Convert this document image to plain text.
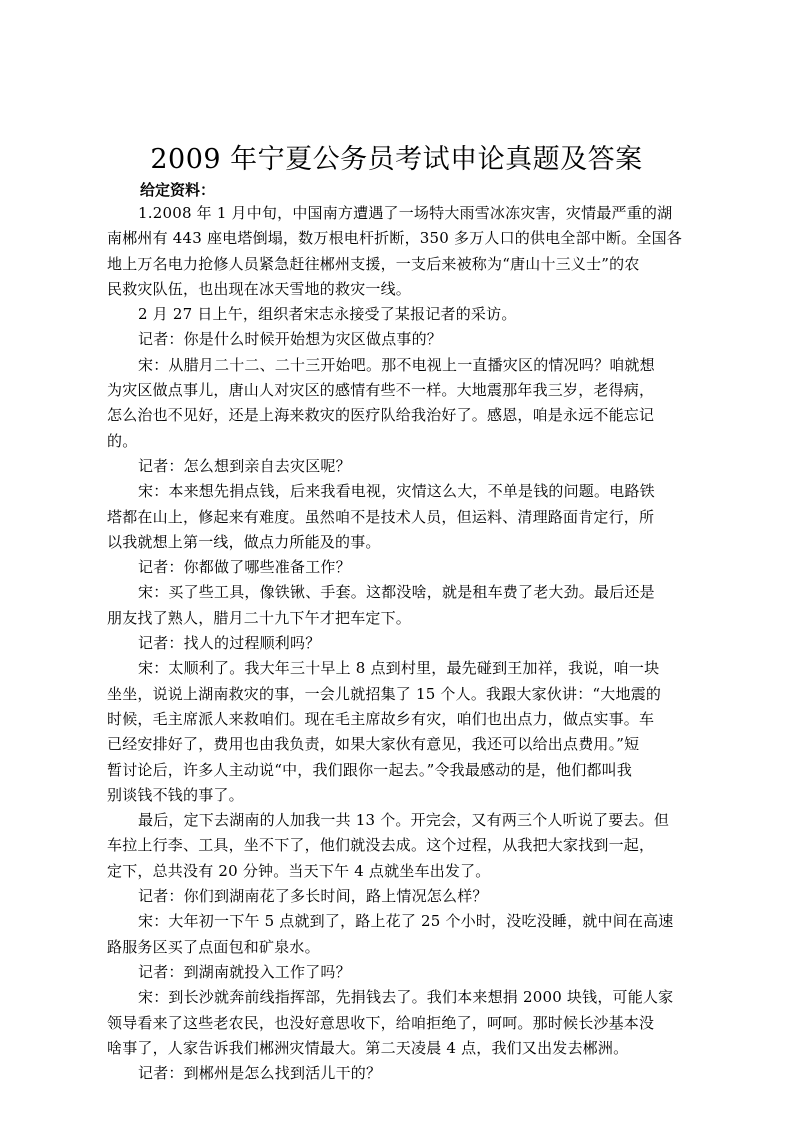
2009 年宁夏公务员考试申论真题及答案

给定资料：

1.2008 年 1 月中旬，中国南方遭遇了一场特大雨雪冰冻灾害，灾情最严重的湖
南郴州有 443 座电塔倒塌，数万根电杆折断，350 多万人口的供电全部中断。全国各
地上万名电力抢修人员紧急赶往郴州支援，一支后来被称为“唐山十三义士”的农
民救灾队伍，也出现在冰天雪地的救灾一线。

2 月 27 日上午，组织者宋志永接受了某报记者的采访。

记者：你是什么时候开始想为灾区做点事的？

宋：从腊月二十二、二十三开始吧。那不电视上一直播灾区的情况吗？咱就想
为灾区做点事儿，唐山人对灾区的感情有些不一样。大地震那年我三岁，老得病，
怎么治也不见好，还是上海来救灾的医疗队给我治好了。感恩，咱是永远不能忘记
的。

记者：怎么想到亲自去灾区呢？

宋：本来想先捐点钱，后来我看电视，灾情这么大，不单是钱的问题。电路铁
塔都在山上，修起来有难度。虽然咱不是技术人员，但运料、清理路面肯定行，所
以我就想上第一线，做点力所能及的事。

记者：你都做了哪些准备工作？

宋：买了些工具，像铁锹、手套。这都没啥，就是租车费了老大劲。最后还是
朋友找了熟人，腊月二十九下午才把车定下。

记者：找人的过程顺利吗？

宋：太顺利了。我大年三十早上 8 点到村里，最先碰到王加祥，我说，咱一块
坐坐，说说上湖南救灾的事，一会儿就招集了 15 个人。我跟大家伙讲：“大地震的
时候，毛主席派人来救咱们。现在毛主席故乡有灾，咱们也出点力，做点实事。车
已经安排好了，费用也由我负责，如果大家伙有意见，我还可以给出点费用。”短
暂讨论后，许多人主动说“中，我们跟你一起去。”令我最感动的是，他们都叫我
别谈钱不钱的事了。

最后，定下去湖南的人加我一共 13 个。开完会，又有两三个人听说了要去。但
车拉上行李、工具，坐不下了，他们就没去成。这个过程，从我把大家找到一起，
定下，总共没有 20 分钟。当天下午 4 点就坐车出发了。

记者：你们到湖南花了多长时间，路上情况怎么样？

宋：大年初一下午 5 点就到了，路上花了 25 个小时，没吃没睡，就中间在高速
路服务区买了点面包和矿泉水。

记者：到湖南就投入工作了吗？

宋：到长沙就奔前线指挥部，先捐钱去了。我们本来想捐 2000 块钱，可能人家
领导看来了这些老农民，也没好意思收下，给咱拒绝了，呵呵。那时候长沙基本没
啥事了，人家告诉我们郴洲灾情最大。第二天凌晨 4 点，我们又出发去郴洲。

记者：到郴州是怎么找到活儿干的？
